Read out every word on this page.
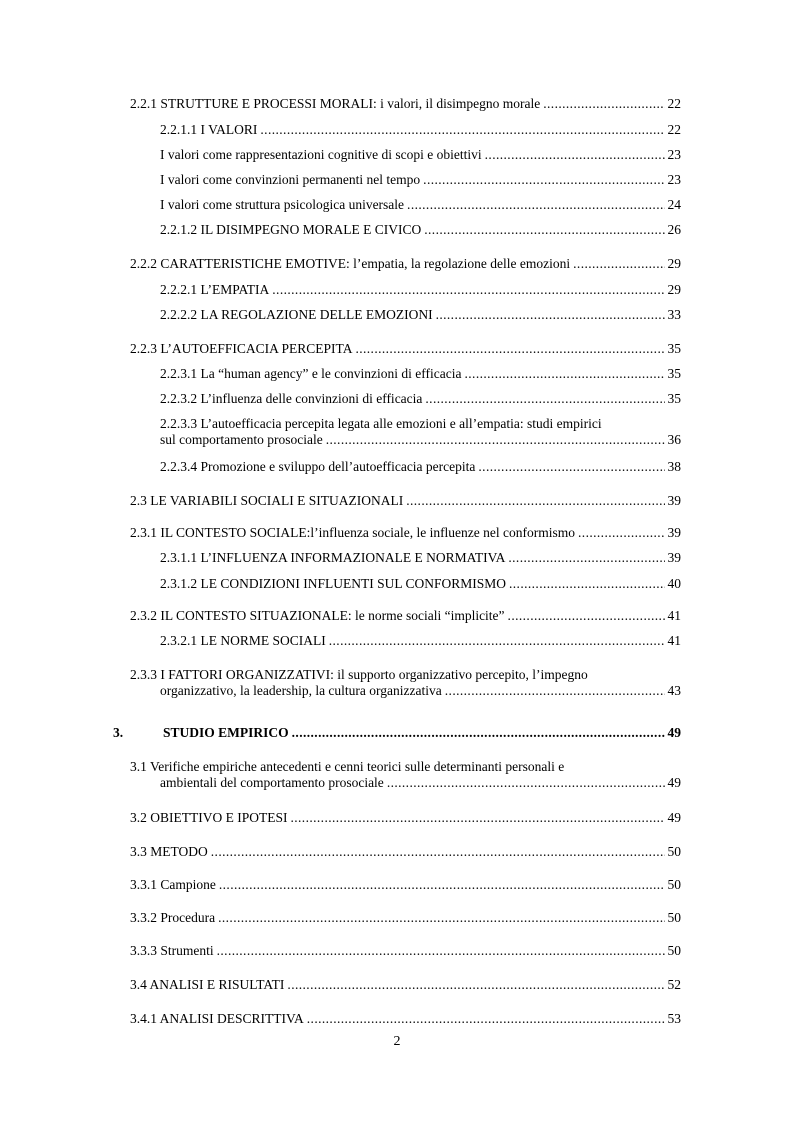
2.2.1 STRUTTURE E PROCESSI MORALI: i valori, il disimpegno morale .....	22
2.2.1.1 I VALORI .....	22
I valori come rappresentazioni cognitive di scopi e obiettivi .....	23
I valori come convinzioni permanenti nel tempo .....	23
I valori come struttura psicologica universale .....	24
2.2.1.2 IL DISIMPEGNO MORALE E CIVICO .....	26
2.2.2 CARATTERISTICHE EMOTIVE: l’empatia, la regolazione delle emozioni .....	29
2.2.2.1 L’EMPATIA .....	29
2.2.2.2 LA REGOLAZIONE DELLE EMOZIONI .....	33
2.2.3 L’AUTOEFFICACIA PERCEPITA .....	35
2.2.3.1 La “human agency” e le convinzioni di efficacia .....	35
2.2.3.2 L’influenza delle convinzioni di efficacia .....	35
2.2.3.3 L’autoefficacia percepita legata alle emozioni e all’empatia: studi empirici
sul comportamento prosociale .....	36
2.2.3.4 Promozione e sviluppo dell’autoefficacia percepita .....	38
2.3 LE VARIABILI SOCIALI E SITUAZIONALI .....	39
2.3.1 IL CONTESTO SOCIALE:l’influenza sociale, le influenze nel conformismo .....	39
2.3.1.1 L’INFLUENZA INFORMAZIONALE E NORMATIVA .....	39
2.3.1.2 LE CONDIZIONI INFLUENTI SUL CONFORMISMO .....	40
2.3.2 IL CONTESTO SITUAZIONALE: le norme sociali “implicite” .....	41
2.3.2.1 LE NORME SOCIALI .....	41
2.3.3 I FATTORI ORGANIZZATIVI: il supporto organizzativo percepito, l’impegno
organizzativo, la leadership, la cultura organizzativa .....	43
3.	STUDIO EMPIRICO .....	49
3.1 Verifiche empiriche antecedenti e cenni teorici sulle determinanti personali e
ambientali del comportamento prosociale .....	49
3.2 OBIETTIVO E IPOTESI .....	49
3.3 METODO .....	50
3.3.1 Campione .....	50
3.3.2 Procedura .....	50
3.3.3 Strumenti .....	50
3.4 ANALISI E RISULTATI .....	52
3.4.1 ANALISI DESCRITTIVA .....	53
2
